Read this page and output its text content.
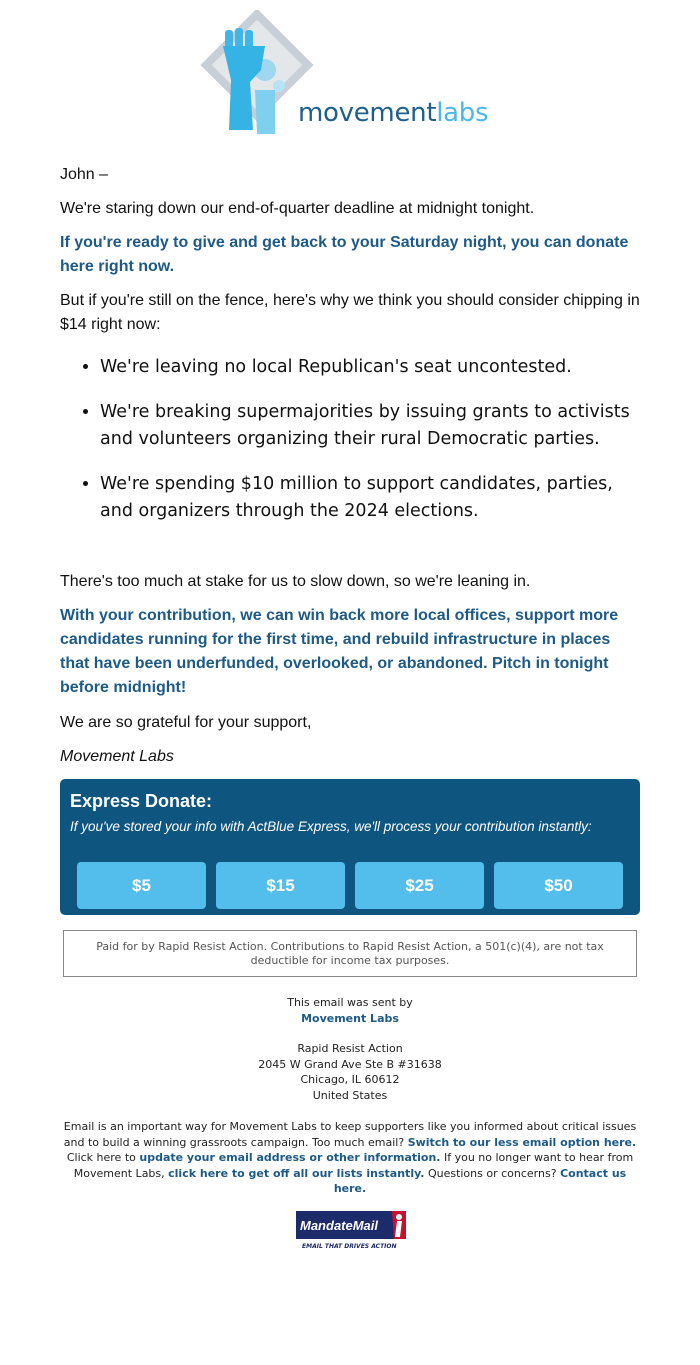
movementlabs

John –

We're staring down our end-of-quarter deadline at midnight tonight.

If you're ready to give and get back to your Saturday night, you can donate here right now.

But if you're still on the fence, here's why we think you should consider chipping in $14 right now:

• We're leaving no local Republican's seat uncontested.
• We're breaking supermajorities by issuing grants to activists and volunteers organizing their rural Democratic parties.
• We're spending $10 million to support candidates, parties, and organizers through the 2024 elections.

There's too much at stake for us to slow down, so we're leaning in.

With your contribution, we can win back more local offices, support more candidates running for the first time, and rebuild infrastructure in places that have been underfunded, overlooked, or abandoned. Pitch in tonight before midnight!

We are so grateful for your support,

Movement Labs

Express Donate:
If you've stored your info with ActBlue Express, we'll process your contribution instantly:
$5	$15	$25	$50
Paid for by Rapid Resist Action. Contributions to Rapid Resist Action, a 501(c)(4), are not tax deductible for income tax purposes.
This email was sent by
Movement Labs
Rapid Resist Action
2045 W Grand Ave Ste B #31638
Chicago, IL 60612
United States
Email is an important way for Movement Labs to keep supporters like you informed about critical issues and to build a winning grassroots campaign. Too much email? Switch to our less email option here. Click here to update your email address or other information. If you no longer want to hear from Movement Labs, click here to get off all our lists instantly. Questions or concerns? Contact us here.
MandateMail
EMAIL THAT DRIVES ACTION
